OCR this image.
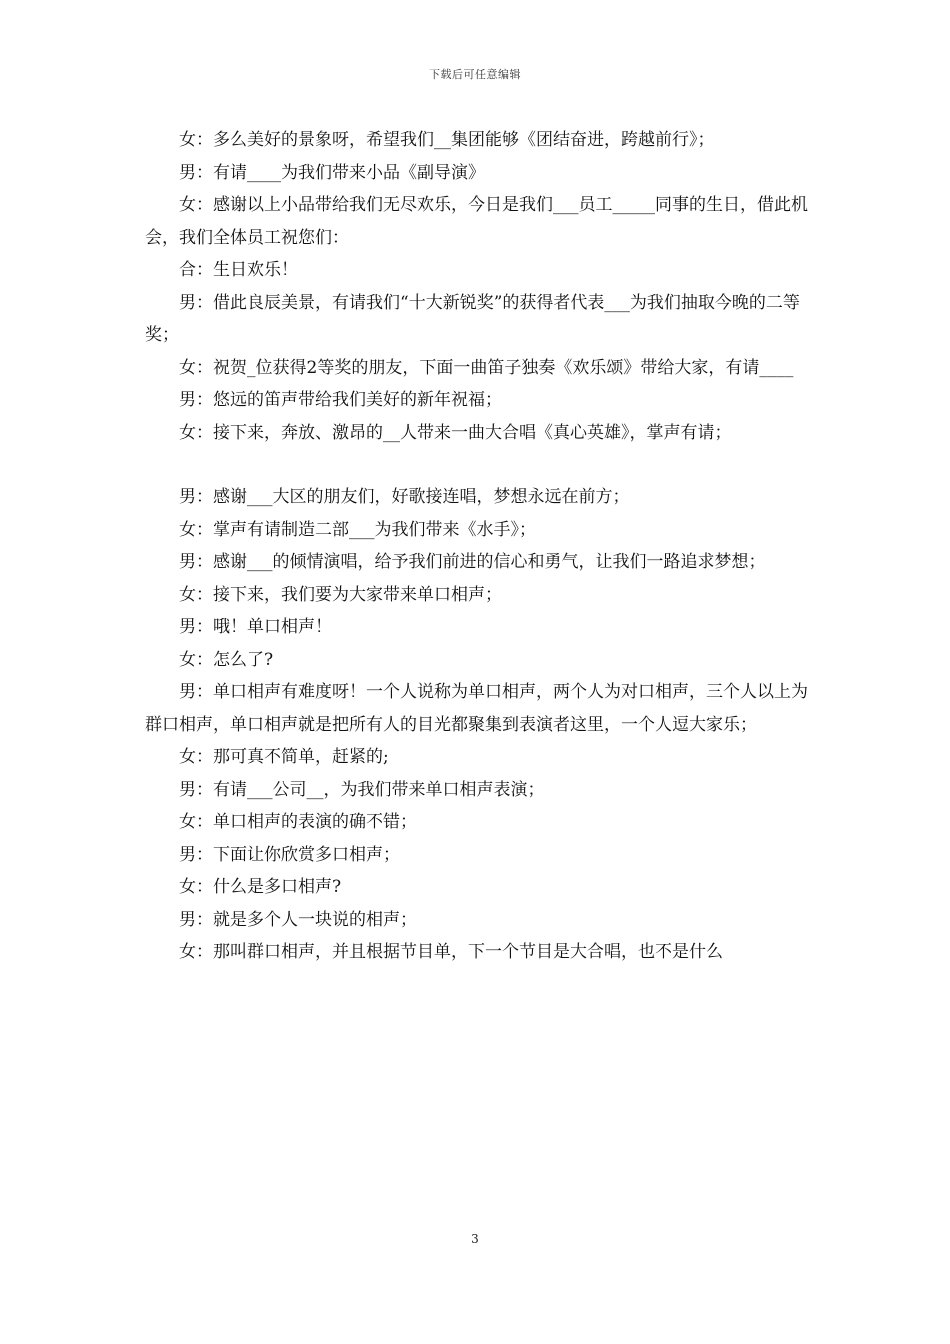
下载后可任意编辑

女：多么美好的景象呀，希望我们__集团能够《团结奋进，跨越前行》；

男：有请____为我们带来小品《副导演》

女：感谢以上小品带给我们无尽欢乐，今日是我们___员工_____同事的生日，借此机会，我们全体员工祝您们：

合：生日欢乐！

男：借此良辰美景，有请我们“十大新锐奖”的获得者代表___为我们抽取今晚的二等奖；

女：祝贺_位获得2等奖的朋友，下面一曲笛子独奏《欢乐颂》带给大家，有请____

男：悠远的笛声带给我们美好的新年祝福；

女：接下来，奔放、激昂的__人带来一曲大合唱《真心英雄》，掌声有请；

男：感谢___大区的朋友们，好歌接连唱，梦想永远在前方；

女：掌声有请制造二部___为我们带来《水手》；

男：感谢___的倾情演唱，给予我们前进的信心和勇气，让我们一路追求梦想；

女：接下来，我们要为大家带来单口相声；

男：哦！单口相声！

女：怎么了?

男：单口相声有难度呀！一个人说称为单口相声，两个人为对口相声，三个人以上为群口相声，单口相声就是把所有人的目光都聚集到表演者这里，一个人逗大家乐；

女：那可真不简单，赶紧的;

男：有请___公司__，为我们带来单口相声表演；

女：单口相声的表演的确不错；

男：下面让你欣赏多口相声；

女：什么是多口相声?

男：就是多个人一块说的相声；

女：那叫群口相声，并且根据节目单，下一个节目是大合唱，也不是什么

3
